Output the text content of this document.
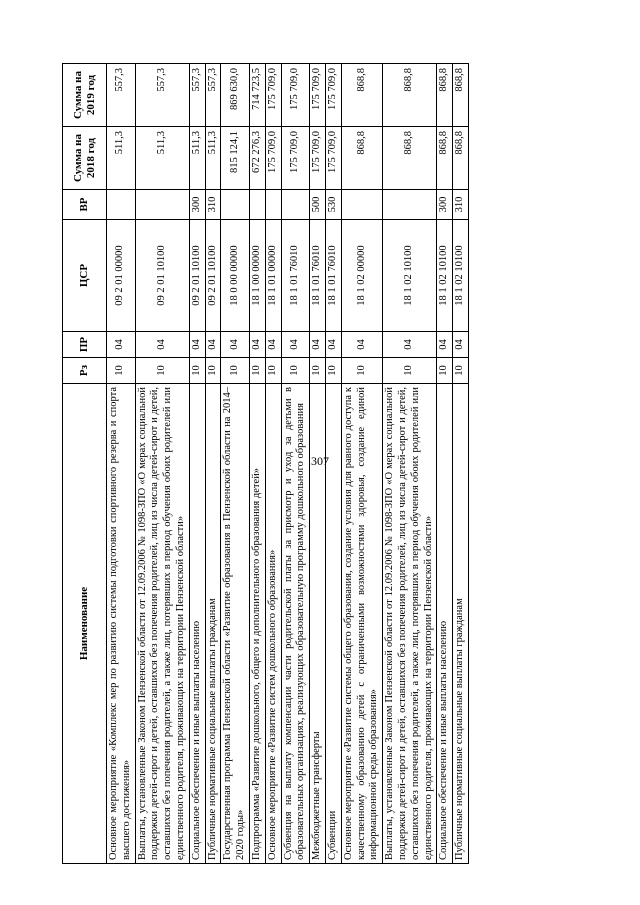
307
Наименование	Рз	ПР	ЦСР	ВР	Сумма на 2018 год	Сумма на 2019 год
Основное мероприятие «Комплекс мер по развитию системы подготовки спортивного резерва и спорта высшего достижения»	10	04	09 2 01 00000		511,3	557,3
Выплаты, установленные Законом Пензенской области от 12.09.2006 № 1098-ЗПО «О мерах социальной поддержки детей-сирот и детей, оставшихся без попечения родителей, лиц из числа детей-сирот и детей, оставшихся без попечения родителей, а также лиц, потерявших в период обучения обоих родителей или единственного родителя, проживающих на территории Пензенской области»	10	04	09 2 01 10100		511,3	557,3
Социальное обеспечение и иные выплаты населению	10	04	09 2 01 10100	300	511,3	557,3
Публичные нормативные социальные выплаты гражданам	10	04	09 2 01 10100	310	511,3	557,3
Государственная программа Пензенской области «Развитие образования в Пензенской области на 2014–2020 годы»	10	04	18 0 00 00000		815 124,1	869 630,0
Подпрограмма «Развитие дошкольного, общего и дополнительного образования детей»	10	04	18 1 00 00000		672 276,3	714 723,5
Основное мероприятие «Развитие систем дошкольного образования»	10	04	18 1 01 00000		175 709,0	175 709,0
Субвенция на выплату компенсации части родительской платы за присмотр и уход за детьми в образовательных организациях, реализующих образовательную программу дошкольного образования	10	04	18 1 01 76010		175 709,0	175 709,0
Межбюджетные трансферты	10	04	18 1 01 76010	500	175 709,0	175 709,0
Субвенции	10	04	18 1 01 76010	530	175 709,0	175 709,0
Основное мероприятие «Развитие системы общего образования, создание условия для равного доступа к качественному образованию детей с ограниченными возможностями здоровья, создание единой информационной среды образования»	10	04	18 1 02 00000		868,8	868,8
Выплаты, установленные Законом Пензенской области от 12.09.2006 № 1098-ЗПО «О мерах социальной поддержки детей-сирот и детей, оставшихся без попечения родителей, лиц из числа детей-сирот и детей, оставшихся без попечения родителей, а также лиц, потерявших в период обучения обоих родителей или единственного родителя, проживающих на территории Пензенской области»	10	04	18 1 02 10100		868,8	868,8
Социальное обеспечение и иные выплаты населению	10	04	18 1 02 10100	300	868,8	868,8
Публичные нормативные социальные выплаты гражданам	10	04	18 1 02 10100	310	868,8	868,8
